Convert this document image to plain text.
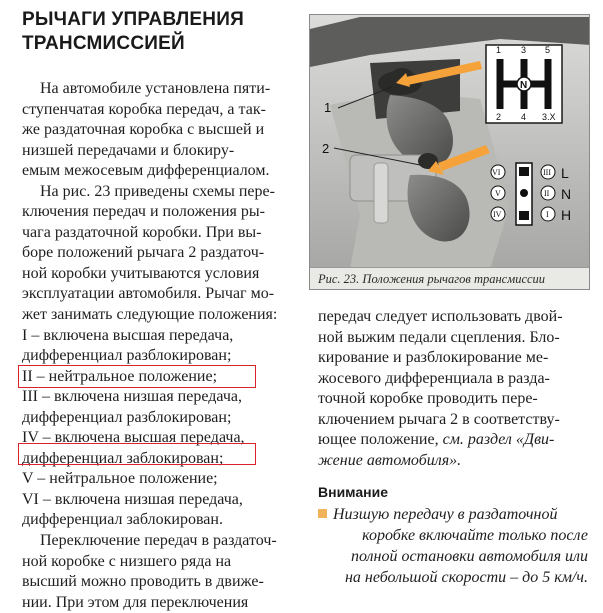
РЫЧАГИ УПРАВЛЕНИЯ
ТРАНСМИССИЕЙ
На автомобиле установлена пяти-
ступенчатая коробка передач, а так-
же раздаточная коробка с высшей и
низшей передачами и блокиру-
емым межосевым дифференциалом.
На рис. 23 приведены схемы пере-
ключения передач и положения ры-
чага раздаточной коробки. При вы-
боре положений рычага 2 раздаточ-
ной коробки учитываются условия
эксплуатации автомобиля. Рычаг мо-
жет занимать следующие положения:
I – включена высшая передача,
дифференциал разблокирован;
II – нейтральное положение;
III – включена низшая передача,
дифференциал разблокирован;
IV – включена высшая передача,
дифференциал заблокирован;
V – нейтральное положение;
VI – включена низшая передача,
дифференциал заблокирован.
Переключение передач в раздаточ-
ной коробке с низшего ряда на
высший можно проводить в движе-
нии. При этом для переключения
1
2
N
1 3 5
2 4 3.X
VI	III
V	II
IV	I
L
N
H
Рис. 23. Положения рычагов трансмиссии
передач следует использовать двой-
ной выжим педали сцепления. Бло-
кирование и разблокирование ме-
жосевого дифференциала в разда-
точной коробке проводить пере-
ключением рычага 2 в соответству-
ющее положение, см. раздел «Дви-
жение автомобиля».
Внимание
Низшую передачу в раздаточной
коробке включайте только после
полной остановки автомобиля или
на небольшой скорости – до 5 км/ч.
